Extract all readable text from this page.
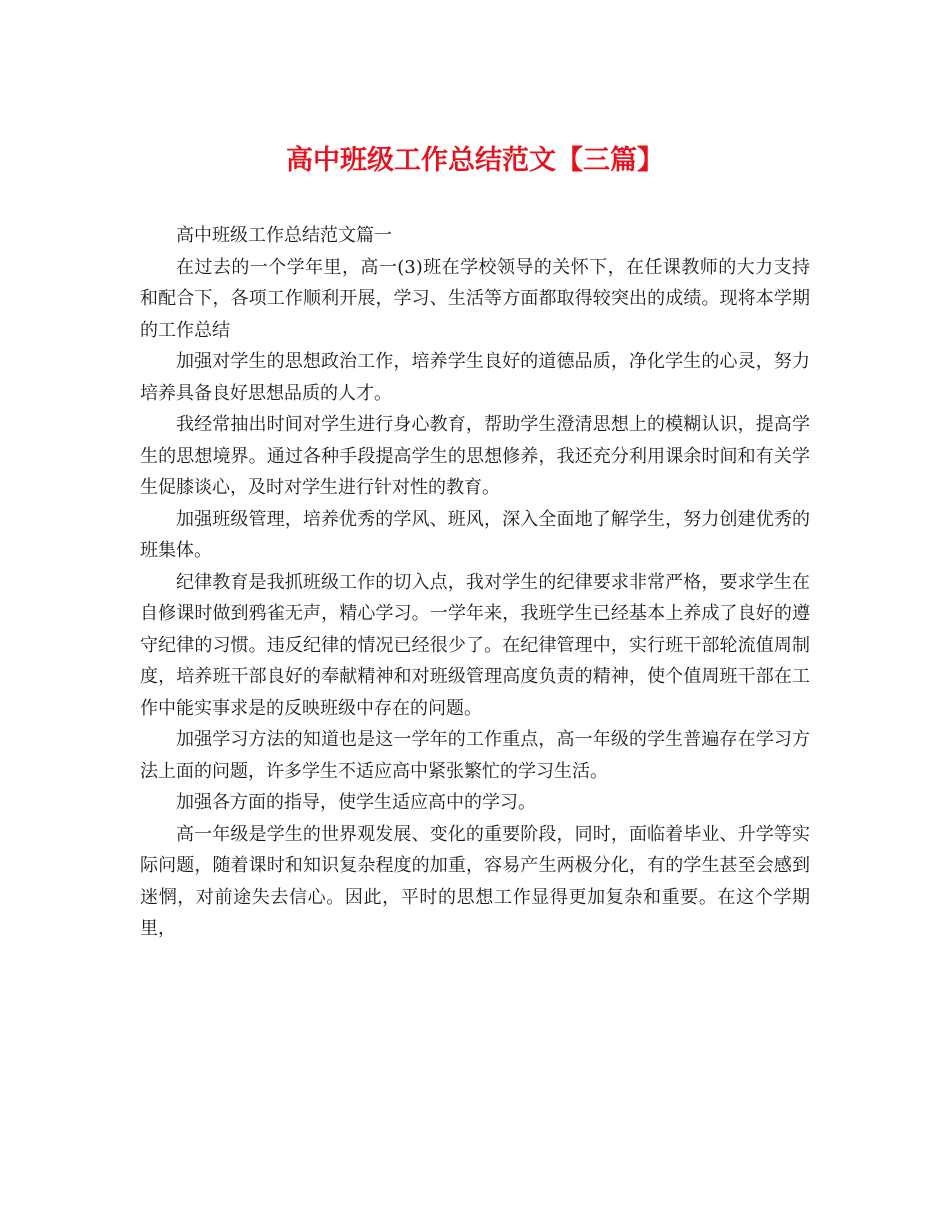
高中班级工作总结范文【三篇】

高中班级工作总结范文篇一

在过去的一个学年里，高一(3)班在学校领导的关怀下，在任课教师的大力支持和配合下，各项工作顺利开展，学习、生活等方面都取得较突出的成绩。现将本学期的工作总结

加强对学生的思想政治工作，培养学生良好的道德品质，净化学生的心灵，努力培养具备良好思想品质的人才。

我经常抽出时间对学生进行身心教育，帮助学生澄清思想上的模糊认识，提高学生的思想境界。通过各种手段提高学生的思想修养，我还充分利用课余时间和有关学生促膝谈心，及时对学生进行针对性的教育。

加强班级管理，培养优秀的学风、班风，深入全面地了解学生，努力创建优秀的班集体。

纪律教育是我抓班级工作的切入点，我对学生的纪律要求非常严格，要求学生在自修课时做到鸦雀无声，精心学习。一学年来，我班学生已经基本上养成了良好的遵守纪律的习惯。违反纪律的情况已经很少了。在纪律管理中，实行班干部轮流值周制度，培养班干部良好的奉献精神和对班级管理高度负责的精神，使个值周班干部在工作中能实事求是的反映班级中存在的问题。

加强学习方法的知道也是这一学年的工作重点，高一年级的学生普遍存在学习方法上面的问题，许多学生不适应高中紧张繁忙的学习生活。

加强各方面的指导，使学生适应高中的学习。

高一年级是学生的世界观发展、变化的重要阶段，同时，面临着毕业、升学等实际问题，随着课时和知识复杂程度的加重，容易产生两极分化，有的学生甚至会感到迷惘，对前途失去信心。因此，平时的思想工作显得更加复杂和重要。在这个学期里，
